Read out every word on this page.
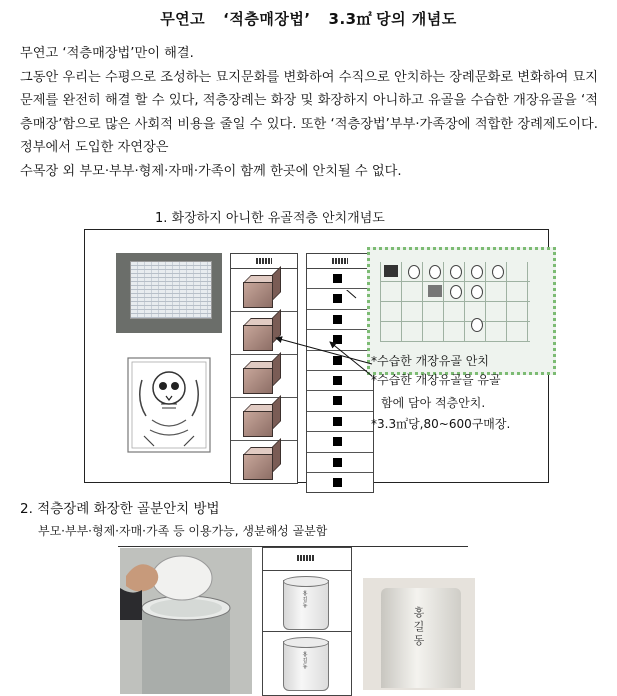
무연고 ‘적층매장법’ 3.3㎡ 당의 개념도

무연고 ‘적층매장법’만이 해결.

그동안 우리는 수평으로 조성하는 묘지문화를 변화하여 수직으로 안치하는 장례문화로 변화하여 묘지문제를 완전히 해결 할 수 있다, 적층장례는 화장 및 화장하지 아니하고 유골을 수습한 개장유골을 ‘적층매장’함으로 많은 사회적 비용을 줄일 수 있다. 또한 ‘적층장법’부부·가족장에 적합한 장례제도이다. 정부에서 도입한 자연장은

수목장 외 부모·부부·형제·자매·가족이 함께 한곳에 안치될 수 없다.

1. 화장하지 아니한 유골적층 안치개념도
*수습한 개장유골 안치
*수습한 개장유골을 유골
함에 담아 적층안치.
*3.3㎡당,80~600구매장.
2. 적층장례 화장한 골분안치 방법
부모·부부·형제·자매·가족 등 이용가능, 생분해성 골분함
홍길동
홍길동
홍길동
